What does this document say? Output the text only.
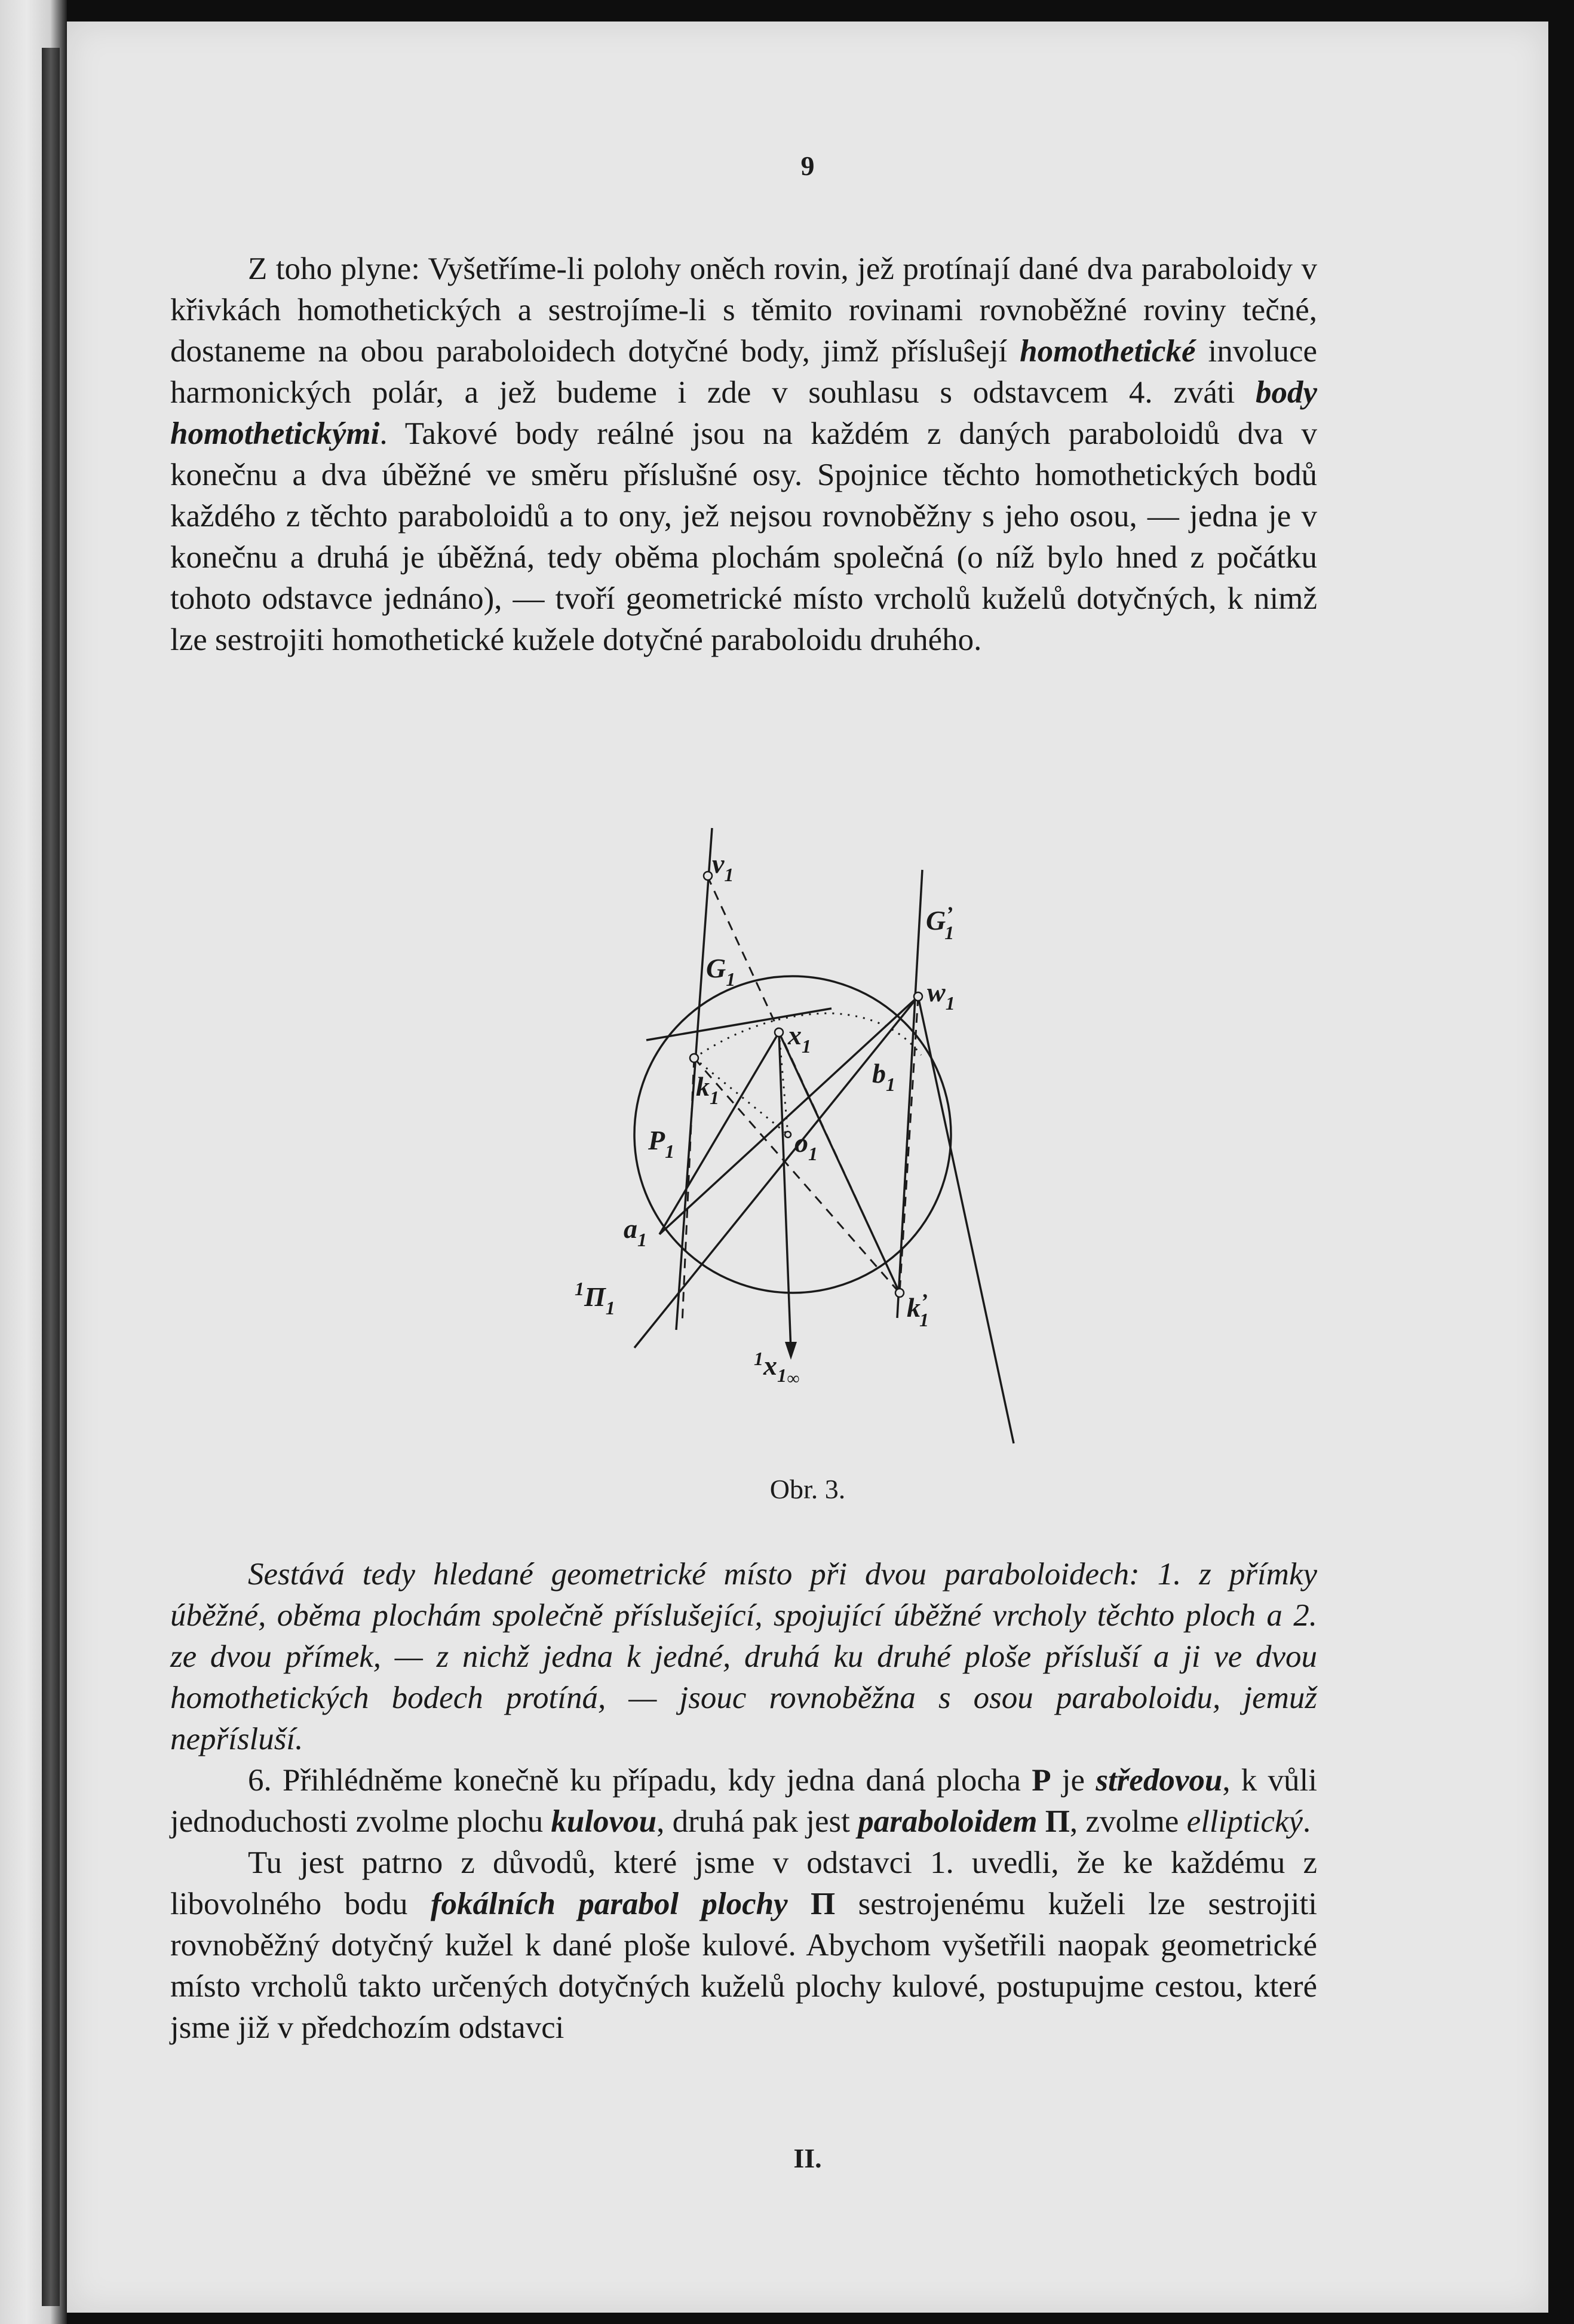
9

Z toho plyne: Vyšetříme-li polohy oněch rovin, jež protínají dané dva paraboloidy v křivkách homothetických a sestrojíme-li s těmito rovinami rovnoběžné roviny tečné, dostaneme na obou paraboloidech dotyčné body, jimž přísluŝejí homothetické involuce harmonických polár, a jež budeme i zde v souhlasu s odstavcem 4. zváti body homothetickými. Takové body reálné jsou na každém z daných paraboloidů dva v konečnu a dva úběžné ve směru příslušné osy. Spojnice těchto homothetických bodů každého z těchto paraboloidů a to ony, jež nejsou rovnoběžny s jeho osou, — jedna je v konečnu a druhá je úběžná, tedy oběma plochám společná (o níž bylo hned z počátku tohoto odstavce jednáno), — tvoří geometrické místo vrcholů kuželů dotyčných, k nimž lze sestrojiti homothetické kužele dotyčné paraboloidu druhého.

$v_1$
$G_1$
G’ 1
$w_1$
$x_1$
$k_1$
$b_1$
$P_1$	$o_1$
$a_1$
$^1\Pi_1$	k’ 1
$^1x_1\infty$
Obr. 3.

Sestává tedy hledané geometrické místo při dvou paraboloidech: 1. z přímky úběžné, oběma plochám společně příslušející, spojující úběžné vrcholy těchto ploch a 2. ze dvou přímek, — z nichž jedna k jedné, druhá ku druhé ploše přísluší a ji ve dvou homothetických bodech protíná, — jsouc rovnoběžna s osou paraboloidu, jemuž nepřísluší.

6. Přihlédněme konečně ku případu, kdy jedna daná plocha P je středovou, k vůli jednoduchosti zvolme plochu kulovou, druhá pak jest paraboloidem Π, zvolme elliptický.

Tu jest patrno z důvodů, které jsme v odstavci 1. uvedli, že ke každému z libovolného bodu fokálních parabol plochy Π sestrojenému kuželi lze sestrojiti rovnoběžný dotyčný kužel k dané ploše kulové. Abychom vyšetřili naopak geometrické místo vrcholů takto určených dotyčných kuželů plochy kulové, postupujme cestou, které jsme již v předchozím odstavci

II.
